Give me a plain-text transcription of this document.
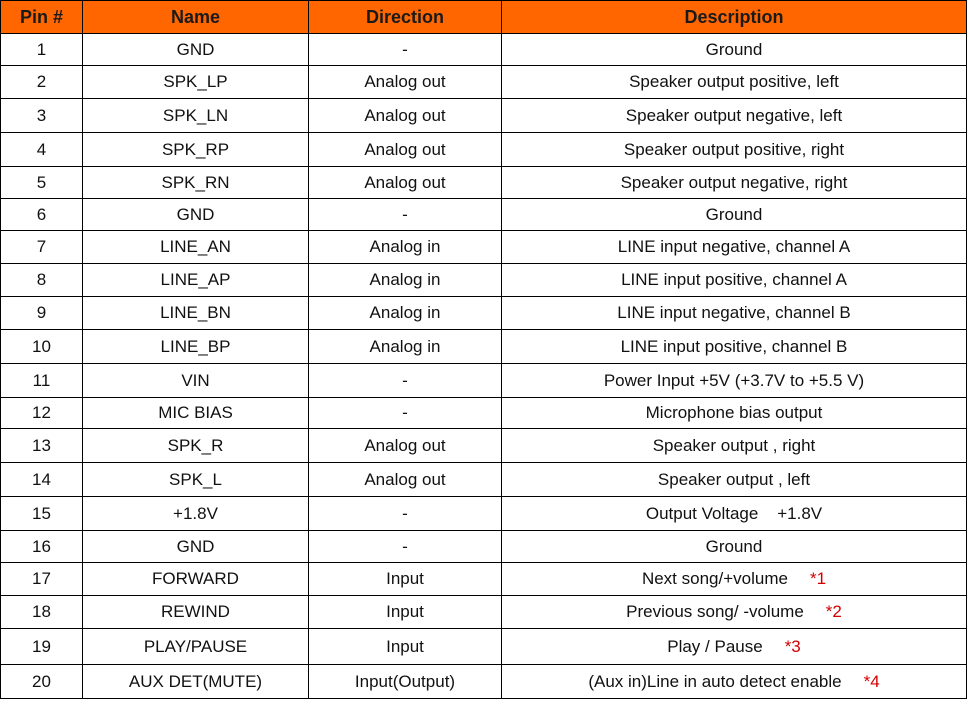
Pin #	Name	Direction	Description
1	GND	-	Ground
2	SPK_LP	Analog out	Speaker output positive, left
3	SPK_LN	Analog out	Speaker output negative, left
4	SPK_RP	Analog out	Speaker output positive, right
5	SPK_RN	Analog out	Speaker output negative, right
6	GND	-	Ground
7	LINE_AN	Analog in	LINE input negative, channel A
8	LINE_AP	Analog in	LINE input positive, channel A
9	LINE_BN	Analog in	LINE input negative, channel B
10	LINE_BP	Analog in	LINE input positive, channel B
11	VIN	-	Power Input +5V (+3.7V to +5.5 V)
12	MIC BIAS	-	Microphone bias output
13	SPK_R	Analog out	Speaker output , right
14	SPK_L	Analog out	Speaker output , left
15	+1.8V	-	Output Voltage    +1.8V
16	GND	-	Ground
17	FORWARD	Input	Next song/+volume *1
18	REWIND	Input	Previous song/ -volume *2
19	PLAY/PAUSE	Input	Play / Pause *3
20	AUX DET(MUTE)	Input(Output)	(Aux in)Line in auto detect enable *4
